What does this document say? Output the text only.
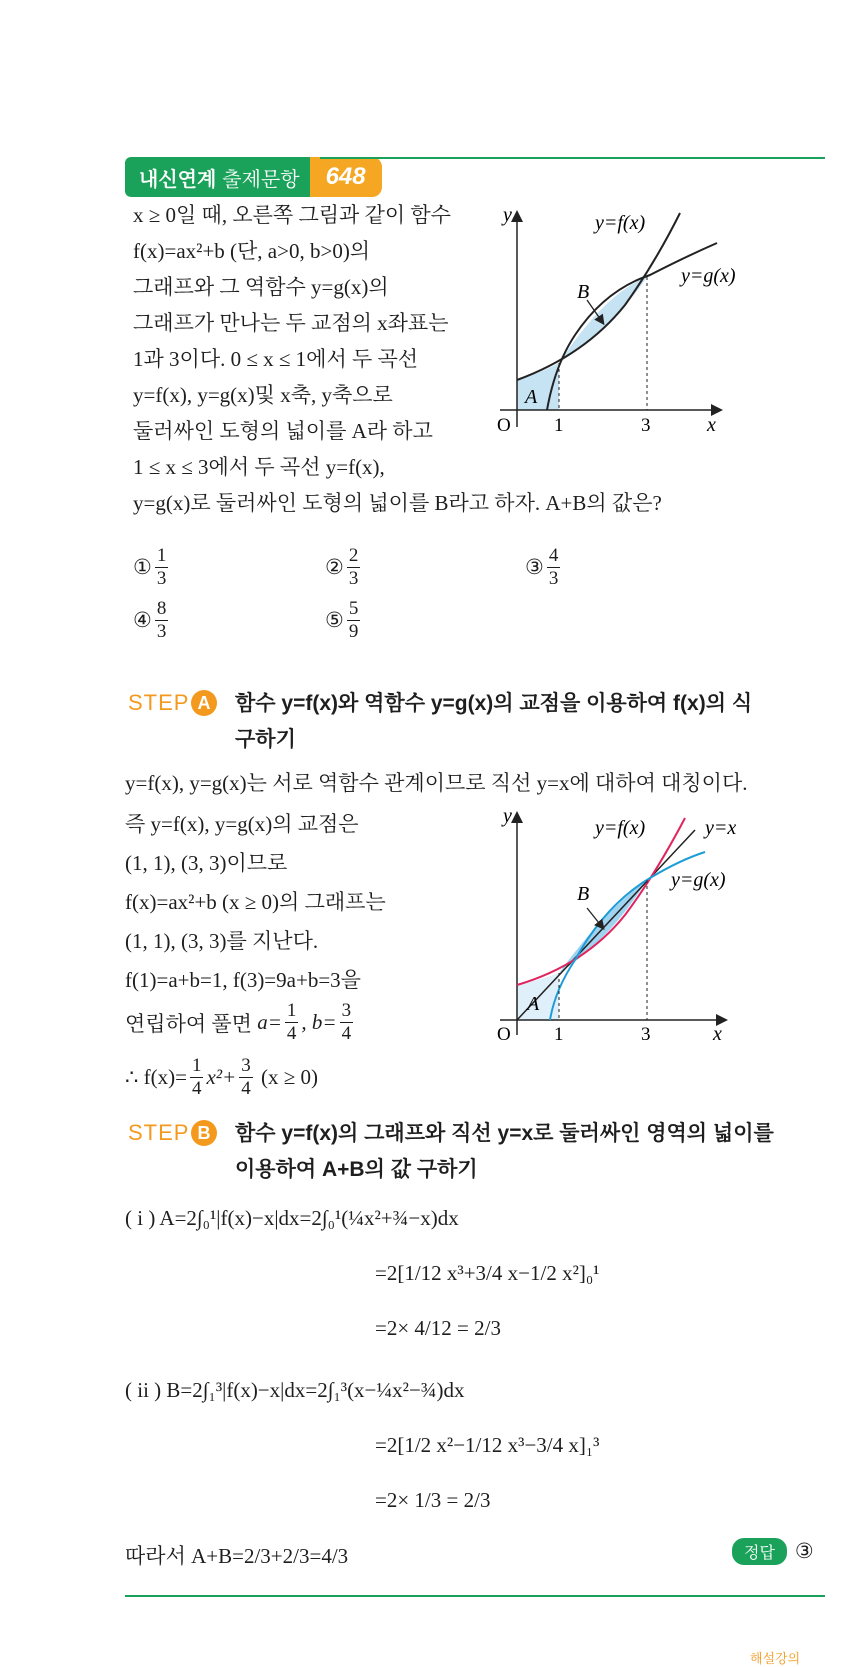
내신연계 출제문항	648
x ≥ 0일 때, 오른쪽 그림과 같이 함수
f(x)=ax²+b (단, a>0, b>0)의
그래프와 그 역함수 y=g(x)의
그래프가 만나는 두 교점의 x좌표는
1과 3이다. 0 ≤ x ≤ 1에서 두 곡선
y=f(x), y=g(x)및 x축, y축으로
둘러싸인 도형의 넓이를 A라 하고
1 ≤ x ≤ 3에서 두 곡선 y=f(x),
y=g(x)로 둘러싸인 도형의 넓이를 B라고 하자. A+B의 값은?
y
x
O 1	3
y=f(x)
y=g(x)
A
B
① $\frac{1}{3}$	② $\frac{2}{3}$	③ $\frac{4}{3}$
④ $\frac{8}{3}$	⑤ $\frac{5}{9}$
STEP A 함수 y=f(x)와 역함수 y=g(x)의 교점을 이용하여 f(x)의 식
구하기
y=f(x), y=g(x)는 서로 역함수 관계이므로 직선 y=x에 대하여 대칭이다.
즉 y=f(x), y=g(x)의 교점은
(1, 1), (3, 3)이므로
f(x)=ax²+b (x ≥ 0)의 그래프는
(1, 1), (3, 3)를 지난다.
f(1)=a+b=1, f(3)=9a+b=3을
연립하여 풀면
$a= \frac{1}{4}$ , $b= \frac{3}{4}$
∴ $f(x)= \frac{1}{4} x^2+ \frac{3}{4}$
(x ≥ 0)
y
x
O 1	3
y=f(x)	y=x
y=g(x)
A
B
STEP B 함수 y=f(x)의 그래프와 직선 y=x로 둘러싸인 영역의 넓이를
이용하여 A+B의 값 구하기
( i ) A=2∫₀¹|f(x)−x|dx=2∫₀¹(¼x²+¾−x)dx
=2[1/12 x³+3/4 x−1/2 x²]₀¹
=2× 4/12 = 2/3
( ii ) B=2∫₁³|f(x)−x|dx=2∫₁³(x−¼x²−¾)dx
=2[1/2 x²−1/12 x³−3/4 x]₁³
=2× 1/3 = 2/3
따라서 A+B=2/3+2/3=4/3	정답 ③
해설강의
